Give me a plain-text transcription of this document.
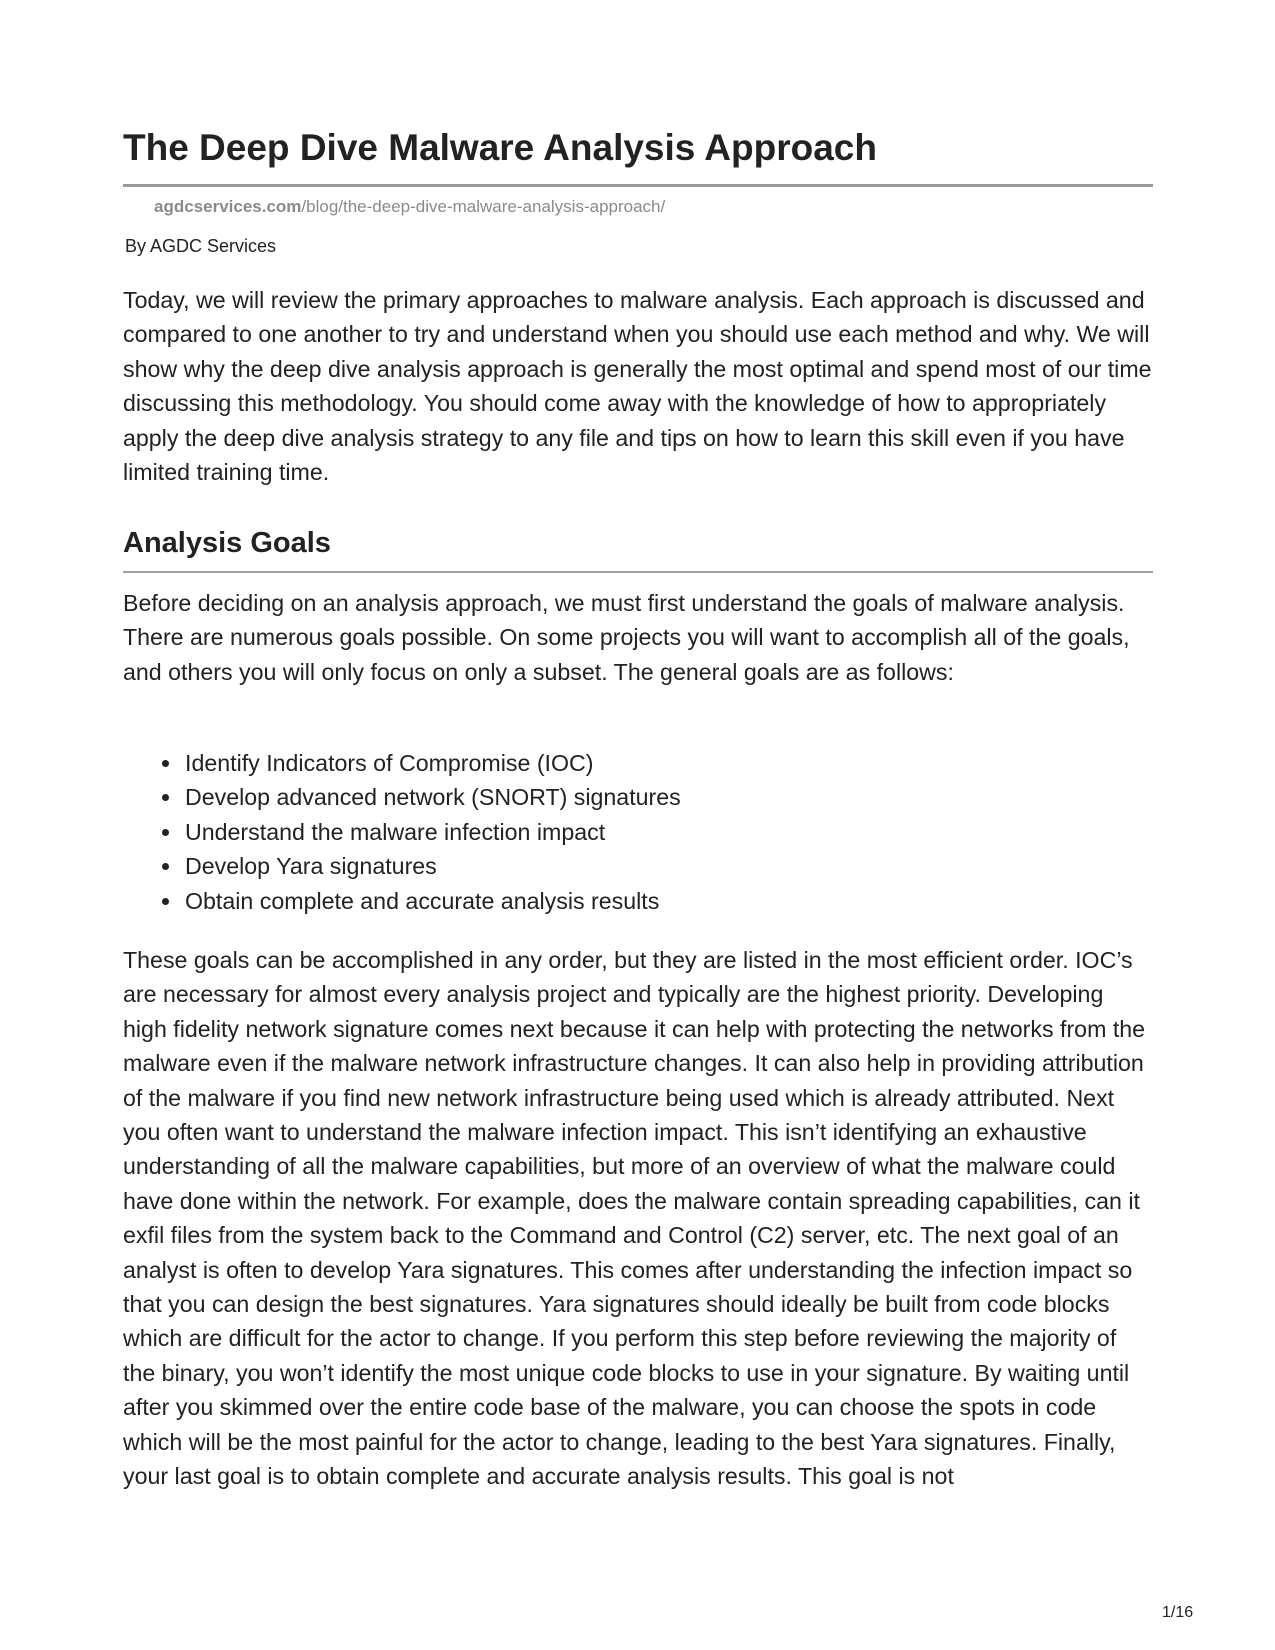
The Deep Dive Malware Analysis Approach
agdcservices.com/blog/the-deep-dive-malware-analysis-approach/
By AGDC Services

Today, we will review the primary approaches to malware analysis. Each approach is discussed and compared to one another to try and understand when you should use each method and why. We will show why the deep dive analysis approach is generally the most optimal and spend most of our time discussing this methodology. You should come away with the knowledge of how to appropriately apply the deep dive analysis strategy to any file and tips on how to learn this skill even if you have limited training time.

Analysis Goals

Before deciding on an analysis approach, we must first understand the goals of malware analysis. There are numerous goals possible. On some projects you will want to accomplish all of the goals, and others you will only focus on only a subset. The general goals are as follows:

Identify Indicators of Compromise (IOC)
Develop advanced network (SNORT) signatures
Understand the malware infection impact
Develop Yara signatures
Obtain complete and accurate analysis results

These goals can be accomplished in any order, but they are listed in the most efficient order. IOC’s are necessary for almost every analysis project and typically are the highest priority. Developing high fidelity network signature comes next because it can help with protecting the networks from the malware even if the malware network infrastructure changes. It can also help in providing attribution of the malware if you find new network infrastructure being used which is already attributed. Next you often want to understand the malware infection impact. This isn’t identifying an exhaustive understanding of all the malware capabilities, but more of an overview of what the malware could have done within the network. For example, does the malware contain spreading capabilities, can it exfil files from the system back to the Command and Control (C2) server, etc. The next goal of an analyst is often to develop Yara signatures. This comes after understanding the infection impact so that you can design the best signatures. Yara signatures should ideally be built from code blocks which are difficult for the actor to change. If you perform this step before reviewing the majority of the binary, you won’t identify the most unique code blocks to use in your signature. By waiting until after you skimmed over the entire code base of the malware, you can choose the spots in code which will be the most painful for the actor to change, leading to the best Yara signatures. Finally, your last goal is to obtain complete and accurate analysis results. This goal is not

1/16
